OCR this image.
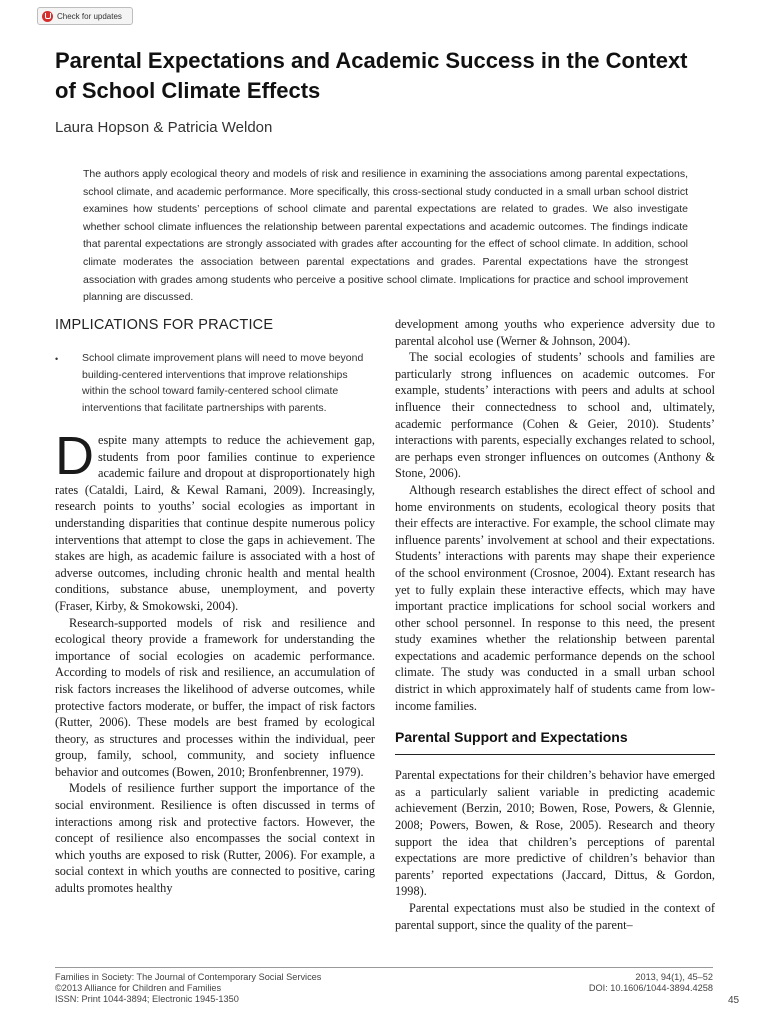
Check for updates
Parental Expectations and Academic Success in the Context of School Climate Effects

Laura Hopson & Patricia Weldon

The authors apply ecological theory and models of risk and resilience in examining the associations among parental expectations, school climate, and academic performance. More specifically, this cross-sectional study conducted in a small urban school district examines how students’ perceptions of school climate and parental expectations are related to grades. We also investigate whether school climate influences the relationship between parental expectations and academic outcomes. The findings indicate that parental expectations are strongly associated with grades after accounting for the effect of school climate. In addition, school climate moderates the association between parental expectations and grades. Parental expectations have the strongest association with grades among students who perceive a positive school climate. Implications for practice and school improvement planning are discussed.

IMPLICATIONS FOR PRACTICE
•	School climate improvement plans will need to move beyond building-centered interventions that improve relationships within the school toward family-centered school climate interventions that facilitate partnerships with parents.

Despite many attempts to reduce the achievement gap, students from poor families continue to experience academic failure and dropout at disproportionately high rates (Cataldi, Laird, & Kewal Ramani, 2009). Increasingly, research points to youths’ social ecologies as important in understanding disparities that continue despite numerous policy interventions that attempt to close the gaps in achievement. The stakes are high, as academic failure is associated with a host of adverse outcomes, including chronic health and mental health conditions, substance abuse, unemployment, and poverty (Fraser, Kirby, & Smokowski, 2004).

Research-supported models of risk and resilience and ecological theory provide a framework for understanding the importance of social ecologies on academic performance. According to models of risk and resilience, an accumulation of risk factors increases the likelihood of adverse outcomes, while protective factors moderate, or buffer, the impact of risk factors (Rutter, 2006). These models are best framed by ecological theory, as structures and processes within the individual, peer group, family, school, community, and society influence behavior and outcomes (Bowen, 2010; Bronfenbrenner, 1979).

Models of resilience further support the importance of the social environment. Resilience is often discussed in terms of interactions among risk and protective factors. However, the concept of resilience also encompasses the social context in which youths are exposed to risk (Rutter, 2006). For example, a social context in which youths are connected to positive, caring adults promotes healthy

development among youths who experience adversity due to parental alcohol use (Werner & Johnson, 2004).

The social ecologies of students’ schools and families are particularly strong influences on academic outcomes. For example, students’ interactions with peers and adults at school influence their connectedness to school and, ultimately, academic performance (Cohen & Geier, 2010). Students’ interactions with parents, especially exchanges related to school, are perhaps even stronger influences on outcomes (Anthony & Stone, 2006).

Although research establishes the direct effect of school and home environments on students, ecological theory posits that their effects are interactive. For example, the school climate may influence parents’ involvement at school and their expectations. Students’ interactions with parents may shape their experience of the school environment (Crosnoe, 2004). Extant research has yet to fully explain these interactive effects, which may have important practice implications for school social workers and other school personnel. In response to this need, the present study examines whether the relationship between parental expectations and academic performance depends on the school climate. The study was conducted in a small urban school district in which approximately half of students came from low-income families.

Parental Support and Expectations

Parental expectations for their children’s behavior have emerged as a particularly salient variable in predicting academic achievement (Berzin, 2010; Bowen, Rose, Powers, & Glennie, 2008; Powers, Bowen, & Rose, 2005). Research and theory support the idea that children’s perceptions of parental expectations are more predictive of children’s behavior than parents’ reported expectations (Jaccard, Dittus, & Gordon, 1998).

Parental expectations must also be studied in the context of parental support, since the quality of the parent–

Families in Society: The Journal of Contemporary Social Services
©2013 Alliance for Children and Families
ISSN: Print 1044-3894; Electronic 1945-1350
2013, 94(1), 45–52
DOI: 10.1606/1044-3894.4258
45
